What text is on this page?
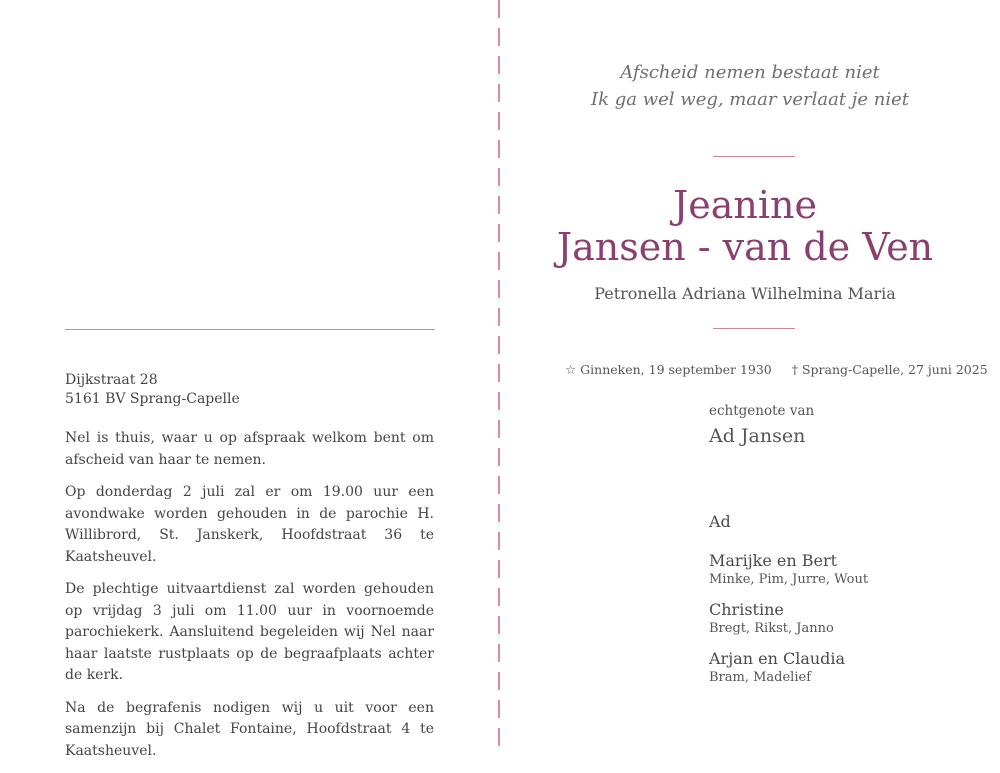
Dijkstraat 28
5161 BV Sprang-Capelle

Nel is thuis, waar u op afspraak welkom bent om afscheid van haar te nemen.

Op donderdag 2 juli zal er om 19.00 uur een avondwake worden gehouden in de parochie H. Willibrord, St. Janskerk, Hoofdstraat 36 te Kaatsheuvel.

De plechtige uitvaartdienst zal worden gehouden op vrijdag 3 juli om 11.00 uur in voornoemde parochiekerk. Aansluitend begeleiden wij Nel naar haar laatste rustplaats op de begraafplaats achter de kerk.

Na de begrafenis nodigen wij u uit voor een samenzijn bij Chalet Fontaine, Hoofdstraat 4 te Kaatsheuvel.

Afscheid nemen bestaat niet
Ik ga wel weg, maar verlaat je niet
Jeanine
Jansen - van de Ven
Petronella Adriana Wilhelmina Maria
☆ Ginneken, 19 september 1930 † Sprang-Capelle, 27 juni 2025
echtgenote van
Ad Jansen
Ad
Marijke en Bert
Minke, Pim, Jurre, Wout
Christine
Bregt, Rikst, Janno
Arjan en Claudia
Bram, Madelief
